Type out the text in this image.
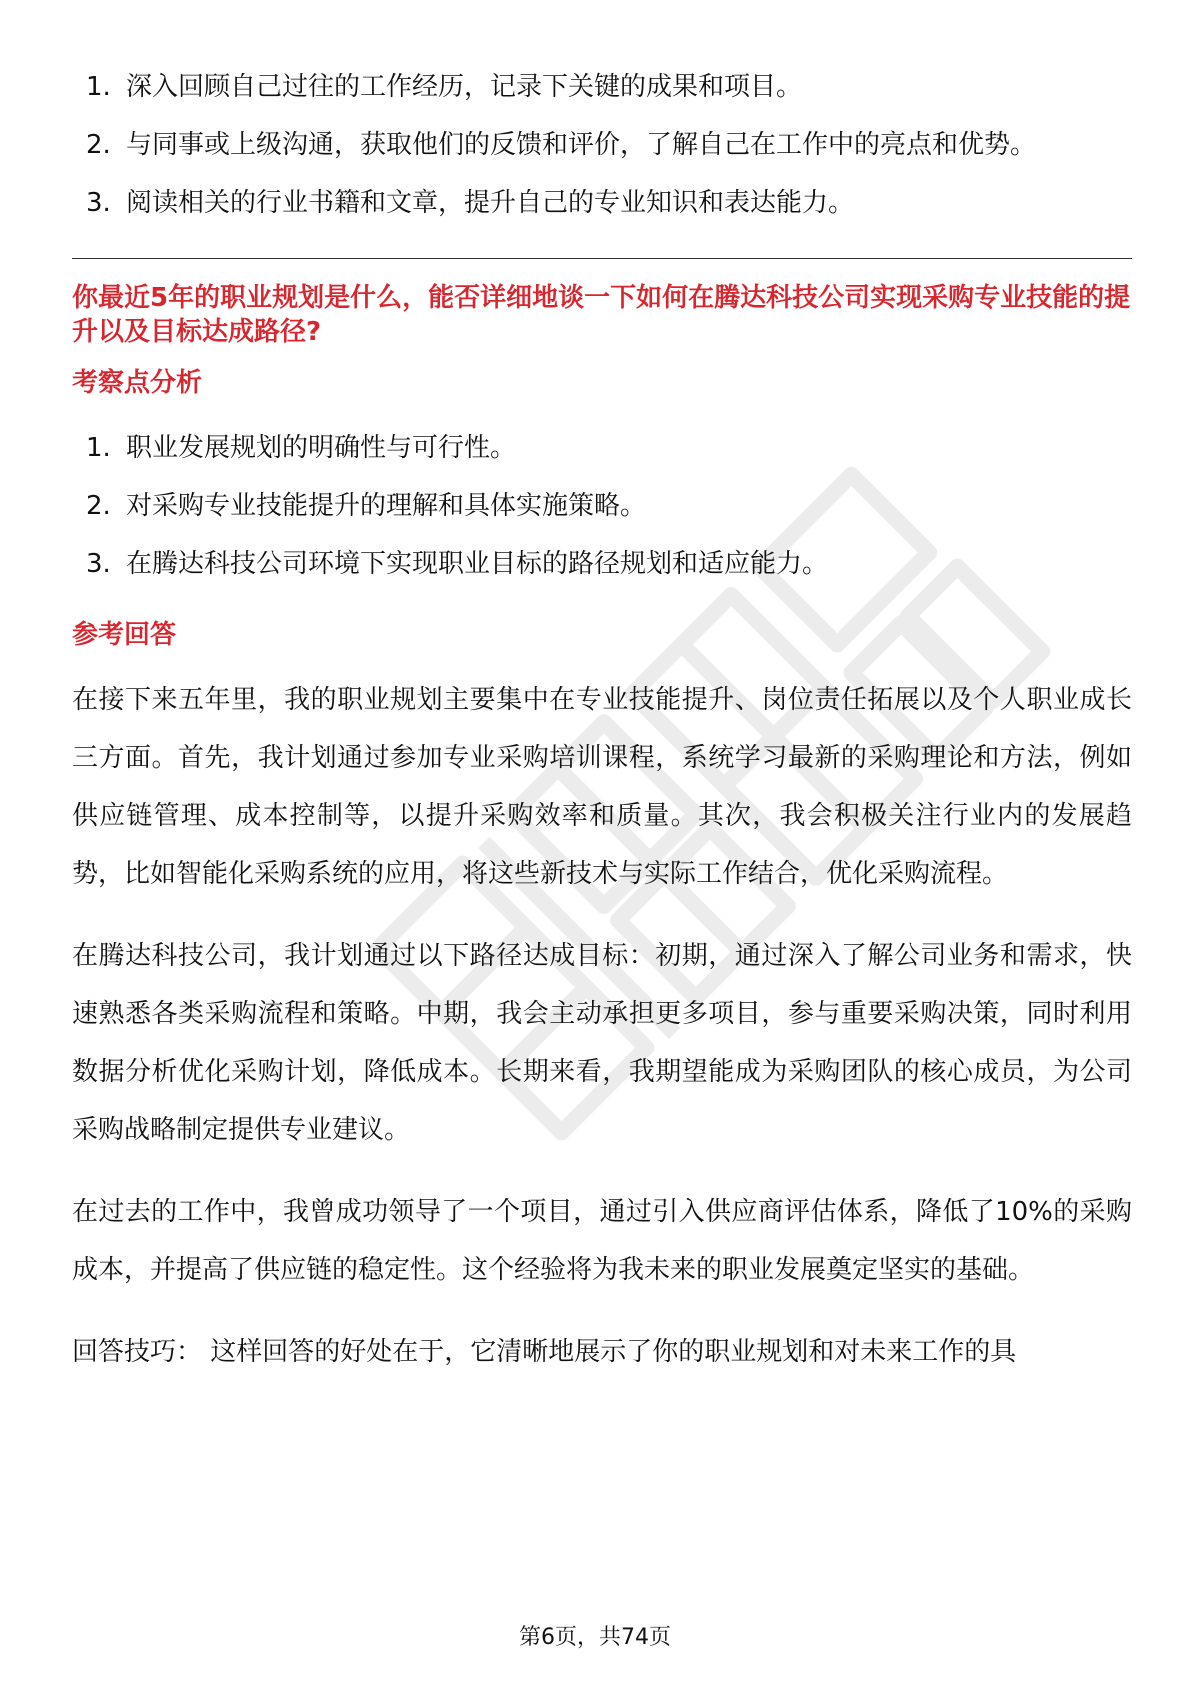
1. 深入回顾自己过往的工作经历，记录下关键的成果和项目。
2. 与同事或上级沟通，获取他们的反馈和评价，了解自己在工作中的亮点和优势。
3. 阅读相关的行业书籍和文章，提升自己的专业知识和表达能力。
你最近5年的职业规划是什么，能否详细地谈一下如何在腾达科技公司实现采购专业技能的提升以及目标达成路径?
考察点分析
1. 职业发展规划的明确性与可行性。
2. 对采购专业技能提升的理解和具体实施策略。
3. 在腾达科技公司环境下实现职业目标的路径规划和适应能力。
参考回答

在接下来五年里，我的职业规划主要集中在专业技能提升、岗位责任拓展以及个人职业成长三方面。首先，我计划通过参加专业采购培训课程，系统学习最新的采购理论和方法，例如供应链管理、成本控制等，以提升采购效率和质量。其次，我会积极关注行业内的发展趋势，比如智能化采购系统的应用，将这些新技术与实际工作结合，优化采购流程。

在腾达科技公司，我计划通过以下路径达成目标：初期，通过深入了解公司业务和需求，快速熟悉各类采购流程和策略。中期，我会主动承担更多项目，参与重要采购决策，同时利用数据分析优化采购计划，降低成本。长期来看，我期望能成为采购团队的核心成员，为公司采购战略制定提供专业建议。

在过去的工作中，我曾成功领导了一个项目，通过引入供应商评估体系，降低了10%的采购成本，并提高了供应链的稳定性。这个经验将为我未来的职业发展奠定坚实的基础。

回答技巧： 这样回答的好处在于，它清晰地展示了你的职业规划和对未来工作的具

第6页，共74页
